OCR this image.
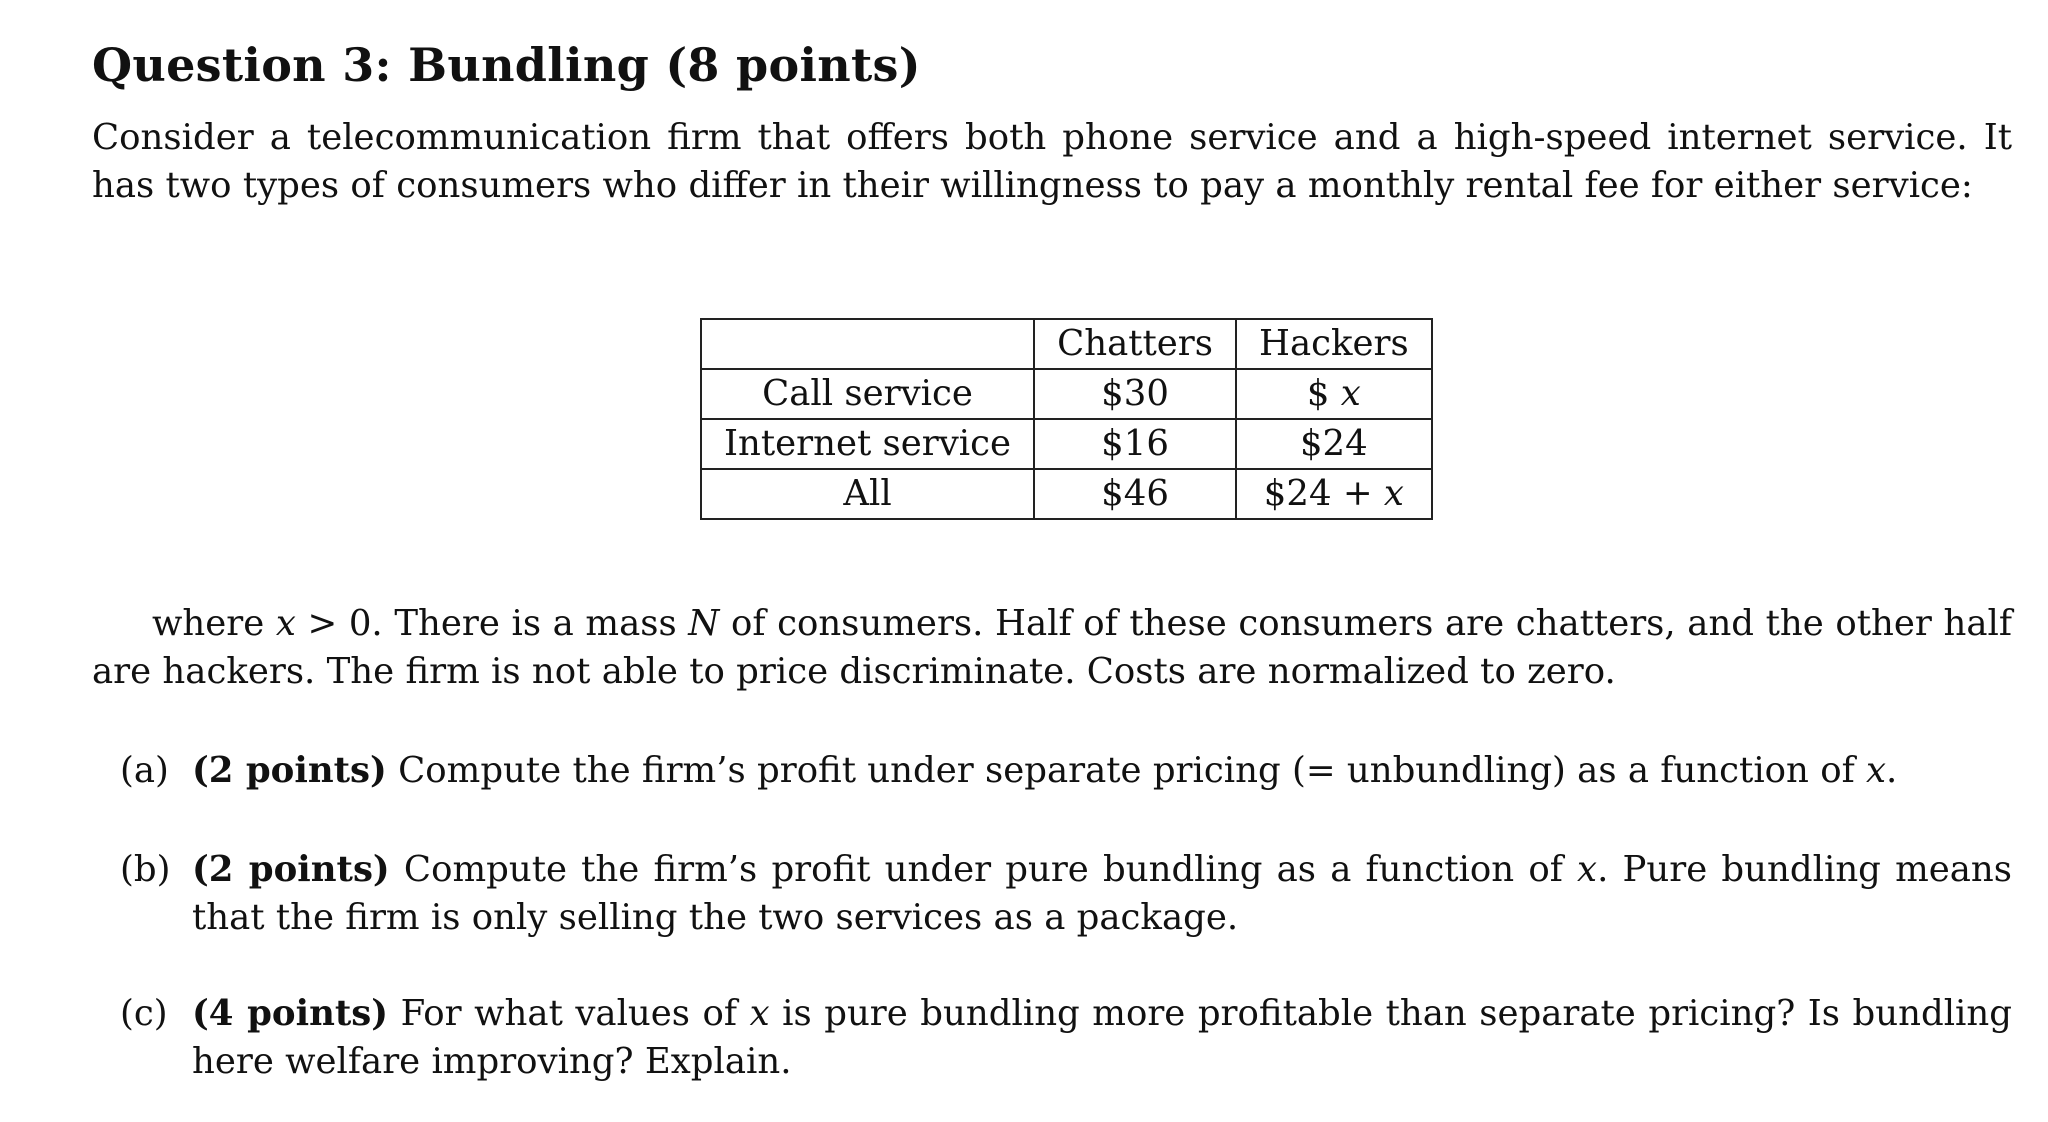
Question 3: Bundling (8 points)

Consider a telecommunication firm that offers both phone service and a high-speed internet service. It has two types of consumers who differ in their willingness to pay a monthly rental fee for either service:

	Chatters	Hackers
Call service	$30	$ x
Internet service	$16	$24
All	$46	$24 + x

where x > 0. There is a mass N of consumers. Half of these consumers are chatters, and the other half are hackers. The firm is not able to price discriminate. Costs are normalized to zero.

(a) (2 points) Compute the firm’s profit under separate pricing (= unbundling) as a function of x.
(b) (2 points) Compute the firm’s profit under pure bundling as a function of x. Pure bundling means that the firm is only selling the two services as a package.
(c) (4 points) For what values of x is pure bundling more profitable than separate pricing? Is bundling here welfare improving? Explain.
